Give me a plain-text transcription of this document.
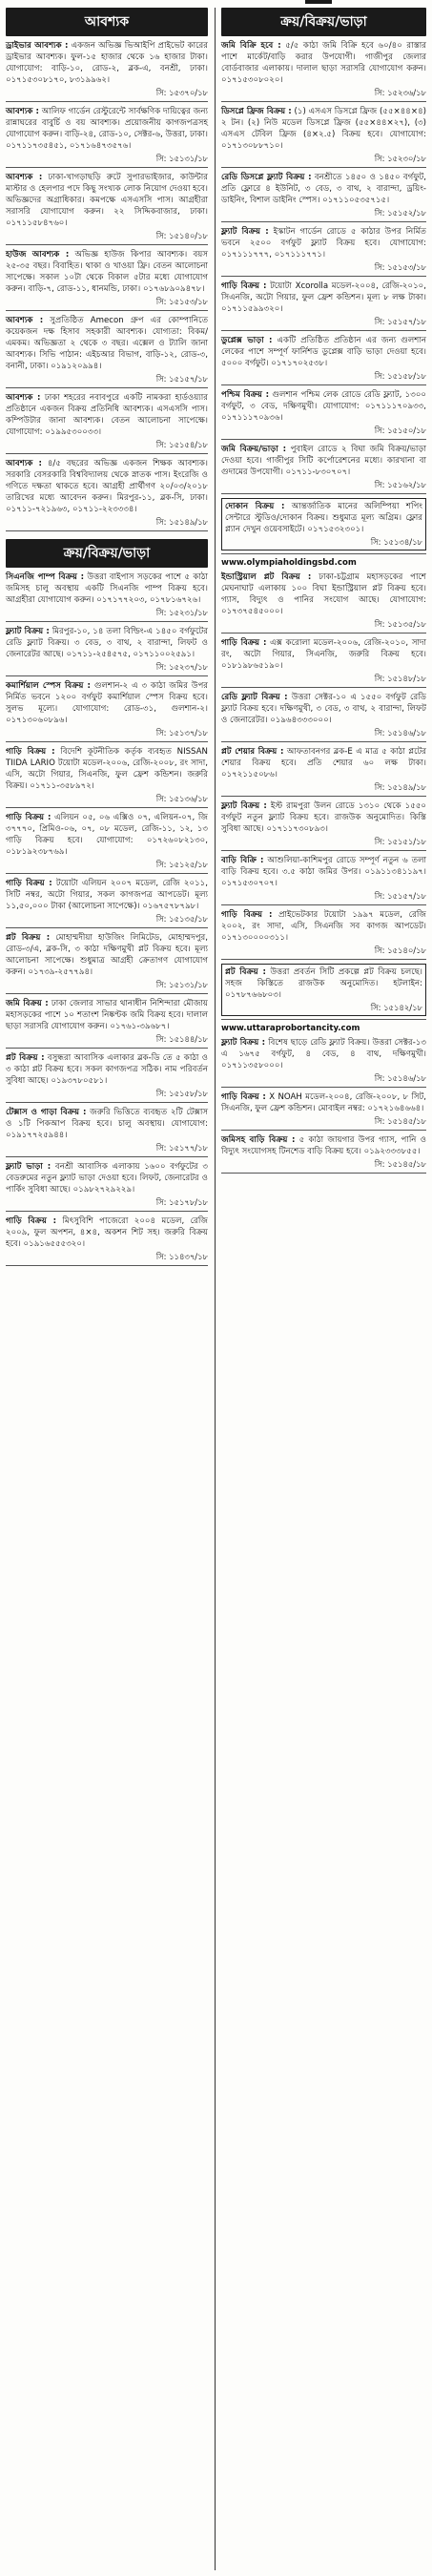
আবশ্যক
ড্রাইভার আবশ্যক : একজন অভিজ্ঞ ভিআইপি প্রাইভেট কারের ড্রাইভার আবশ্যক। ফুল-১৫ হাজার থেকে ১৬ হাজার টাকা। যোগাযোগ: বাড়ি-১০, রোড-২, ব্লক-এ, বনশ্রী, ঢাকা। ০১৭১৫৩০৮১৭০, ৮৩১৯৯৬২।
সি: ১৫৩৭০/১৮
আবশ্যক : আলিফ গার্ডেন রেস্টুরেন্টে সার্বক্ষণিক দায়িত্বের জন্য রান্নাঘরের বাবুর্চি ও বয় আবশ্যক। প্রয়োজনীয় কাগজপত্রসহ যোগাযোগ করুন। বাড়ি-২৪, রোড-১০, সেক্টর-৬, উত্তরা, ঢাকা। ০১৭১১৭৩৫৪৫১, ০১৭১৬৪৭৩৫৭৬।
সি: ১৫১৩১/১৮
আবশ্যক : ঢাকা-খাগড়াছড়ি রুটে সুপারভাইজার, কাউন্টার মাস্টার ও হেলপার পদে কিছু সংখ্যক লোক নিয়োগ দেওয়া হবে। অভিজ্ঞদের অগ্রাধিকার। কমপক্ষে এসএসসি পাস। আগ্রহীরা সরাসরি যোগাযোগ করুন। ২২ সিদ্দিকবাজার, ঢাকা। ০১৭১১৫৮৪৭৬০।
সি: ১৫১৪০/১৮
হাউজ আবশ্যক : অভিজ্ঞ হাউজ কিপার আবশ্যক। বয়স ২৫-৩৫ বছর। বিবাহিত। থাকা ও খাওয়া ফ্রি। বেতন আলোচনা সাপেক্ষে। সকাল ১০টা থেকে বিকাল ৫টার মধ্যে যোগাযোগ করুন। বাড়ি-৭, রোড-১১, ধানমন্ডি, ঢাকা। ০১৭৬৮৯০৯৪৭৮।
সি: ১৫১৫৩/১৮
আবশ্যক : সুপ্রতিষ্ঠিত Amecon গ্রুপ এর কোম্পানিতে কয়েকজন দক্ষ হিসাব সহকারী আবশ্যক। যোগ্যতা: বিকম/এমকম। অভিজ্ঞতা ২ থেকে ৩ বছর। এক্সেল ও ট্যালি জানা আবশ্যক। সিভি পাঠান: এইচআর বিভাগ, বাড়ি-১২, রোড-৩, বনানী, ঢাকা। ০১৯১২০৯৯৪।
সি: ১৫১৫৭/১৮
আবশ্যক : ঢাকা শহরের নবাবপুরে একটি নামকরা হার্ডওয়্যার প্রতিষ্ঠানে একজন বিক্রয় প্রতিনিধি আবশ্যক। এসএসসি পাস। কম্পিউটার জানা আবশ্যক। বেতন আলোচনা সাপেক্ষে। যোগাযোগ: ০১৯৯৫৩০০৩৩।
সি: ১৫১৫৪/১৮
আবশ্যক : ৪/৫ বছরের অভিজ্ঞ একজন শিক্ষক আবশ্যক। সরকারি বেসরকারি বিশ্ববিদ্যালয় থেকে স্নাতক পাস। ইংরেজি ও গণিতে দক্ষতা থাকতে হবে। আগ্রহী প্রার্থীগণ ২০/০৩/২০১৮ তারিখের মধ্যে আবেদন করুন। মিরপুর-১১, ব্লক-সি, ঢাকা। ০১৭১১-৭২১৯৬৩, ০১৭১১-২২৩৩৩৪।
সি: ১৫১৪৯/১৮
ক্রয়/বিক্রয়/ভাড়া
সিএনজি পাম্প বিক্রয় : উত্তরা বাইপাস সড়কের পাশে ৫ কাঠা জমিসহ চালু অবস্থায় একটি সিএনজি পাম্প বিক্রয় হবে। আগ্রহীরা যোগাযোগ করুন। ০১৭১৭৭২০৩, ০১৭৮১৬৭২৬।
সি: ১৫২৩১/১৮
ফ্ল্যাট বিক্রয় : মিরপুর-১০, ১৪ তলা বিল্ডিং-এ ১৪৫০ বর্গফুটের রেডি ফ্ল্যাট বিক্রয়। ৩ বেড, ৩ বাথ, ২ বারান্দা, লিফট ও জেনারেটর আছে। ০১৭১১-২৫৪৫৭৫, ০১৭১১০০২৫৯১।
সি: ১৫২৩৭/১৮
কমার্শিয়াল স্পেস বিক্রয় : গুলশান-২ এ ৩ কাঠা জমির উপর নির্মিত ভবনে ১২০০ বর্গফুট কমার্শিয়াল স্পেস বিক্রয় হবে। সুলভ মূল্যে। যোগাযোগ: রোড-৩১, গুলশান-২। ০১৭১৩০৬০৮৯৬।
সি: ১৫১৩৭/১৮
গাড়ি বিক্রয় : বিদেশি কূটনীতিক কর্তৃক ব্যবহৃত NISSAN TIIDA LARIO টয়োটা মডেল-২০০৬, রেজি-২০০৮, রং সাদা, এসি, অটো গিয়ার, সিএনজি, ফুল ফ্রেশ কন্ডিশন। জরুরি বিক্রয়। ০১৭১১-৩৫৮৯৭২।
সি: ১৫১৩৬/১৮
গাড়ি বিক্রয় : এলিয়ন ০৫, ০৬ এক্সিও ০৭, এলিয়ন-০৭, জি ৩৭৭৭০, প্রিমিও-০৬, ০৭, ০৮ মডেল, রেজি-১১, ১২, ১৩ গাড়ি বিক্রয় হবে। যোগাযোগ: ০১৭২৬০৮২১৩০, ০১৮১৯২৩৮৭৬৯।
সি: ১৫১২৫/১৮
গাড়ি বিক্রয় : টয়োটা এলিয়ন ২০০৭ মডেল, রেজি ২০১১, সিটি নম্বর, অটো গিয়ার, সকল কাগজপত্র আপডেট। মূল্য ১১,৫০,০০০ টাকা (আলোচনা সাপেক্ষে)। ০১৬৭৫৭৮৭৯৮।
সি: ১৫১৩৫/১৮
প্লট বিক্রয় : মোহাম্মদীয়া হাউজিং লিমিটেড, মোহাম্মদপুর, রোড-৩/এ, ব্লক-সি, ৩ কাঠা দক্ষিণমুখী প্লট বিক্রয় হবে। মূল্য আলোচনা সাপেক্ষে। শুধুমাত্র আগ্রহী ক্রেতাগণ যোগাযোগ করুন। ০১৭৩৯-২৫৭৭৯৪।
সি: ১৫১৩১/১৮
জমি বিক্রয় : ঢাকা জেলার সাভার থানাধীন নিশিন্দারা মৌজায় মহাসড়কের পাশে ১০ শতাংশ নিষ্কণ্টক জমি বিক্রয় হবে। দালাল ছাড়া সরাসরি যোগাযোগ করুন। ০১৭৬১-৩৯৬৮৭।
সি: ১৫১৪৪/১৮
প্লট বিক্রয় : বসুন্ধরা আবাসিক এলাকার ব্লক-ডি তে ৫ কাঠা ও ৩ কাঠা প্লট বিক্রয় হবে। সকল কাগজপত্র সঠিক। নাম পরিবর্তন সুবিধা আছে। ০১৯৩৭৮০৫৮১।
সি: ১৫১৫৮/১৮
টেক্সাস ও গাড়া বিক্রয় : জরুরি ভিত্তিতে ব্যবহৃত ২টি টেক্সাস ও ১টি পিকআপ বিক্রয় হবে। চালু অবস্থায়। যোগাযোগ: ০১৯১৭৭২৫৯৪৪।
সি: ১৫১৭৭/১৮
ফ্ল্যাট ভাড়া : বনশ্রী আবাসিক এলাকায় ১৬০০ বর্গফুটের ৩ বেডরুমের নতুন ফ্ল্যাট ভাড়া দেওয়া হবে। লিফট, জেনারেটর ও পার্কিং সুবিধা আছে। ০১৯৮২৭২৯২২৯।
সি: ১৫১৭৮/১৮
গাড়ি বিক্রয় : মিৎসুবিশি পাজেরো ২০০৪ মডেল, রেজি ২০০৯, ফুল অপশন, ৪×৪, অকশন শিট সহ। জরুরি বিক্রয় হবে। ০১৯১৬৫৫৫৩২০।
সি: ১১৪৩৭/১৮
ক্রয়/বিক্রয়/ভাড়া
জমি বিক্রি হবে : ৫/৫ কাঠা জমি বিক্রি হবে ৬০/৪০ রাস্তার পাশে মার্কেট/বাড়ি করার উপযোগী। গাজীপুর জেলার বোর্ডবাজার এলাকায়। দালাল ছাড়া সরাসরি যোগাযোগ করুন। ০১৭১৫৩০৮০২০।
সি: ১৫২৩৬/১৮
ডিসপ্লে ফ্রিজ বিক্রয় : (১) এসএস ডিসপ্লে ফ্রিজ (৫৫×৪৪×৪) ২ টন। (২) নিউ মডেল ডিসপ্লে ফ্রিজ (৫৫×৪৪×২৭), (৩) এসএস টেবিল ফ্রিজ (৪×২.৫) বিক্রয় হবে। যোগাযোগ: ০১৭১৩০৮৮৭১০।
সি: ১৫২৩০/১৮
রেডি ডিসপ্লে ফ্ল্যাট বিক্রয় : বনশ্রীতে ১৪৫০ ও ১৪৫০ বর্গফুট, প্রতি ফ্লোরে ৪ ইউনিট, ৩ বেড, ৩ বাথ, ২ বারান্দা, ড্রয়িং-ডাইনিং, বিশাল ডাইনিং স্পেস। ০১৭১১০৫৩৫৭১৫।
সি: ১৫১৫২/১৮
ফ্ল্যাট বিক্রয় : ইস্কাটন গার্ডেন রোডে ৫ কাঠার উপর নির্মিত ভবনে ২৫০০ বর্গফুট ফ্ল্যাট বিক্রয় হবে। যোগাযোগ: ০১৭১১১৭৭৭, ০১৭১১১৭৭১।
সি: ১৫১৫৩/১৮
গাড়ি বিক্রয় : টয়োটা Xcorolla মডেল-২০০৪, রেজি-২০১০, সিএনজি, অটো গিয়ার, ফুল ফ্রেশ কন্ডিশন। মূল্য ৮ লক্ষ টাকা। ০১৭১১৫৯৯৩২০।
সি: ১৫১৫৭/১৮
ডুপ্লেক্স ভাড়া : একটি প্রতিষ্ঠিত প্রতিষ্ঠান এর জন্য গুলশান লেকের পাশে সম্পূর্ণ ফার্নিশড ডুপ্লেক্স বাড়ি ভাড়া দেওয়া হবে। ৫০০০ বর্গফুট। ০১৭১৭০২৫৩৮।
সি: ১৫১৫৮/১৮
পশ্চিম বিক্রয় : গুলশান পশ্চিম লেক রোডে রেডি ফ্ল্যাট, ১৩০০ বর্গফুট, ৩ বেড, দক্ষিণমুখী। যোগাযোগ: ০১৭১১১৭০৯৩৩, ০১৭১১১৭০৯৩৬।
সি: ১৫১৫০/১৮
জমি বিক্রয়/ভাড়া : পুবাইল রোডে ২ বিঘা জমি বিক্রয়/ভাড়া দেওয়া হবে। গাজীপুর সিটি কর্পোরেশনের মধ্যে। কারখানা বা গুদামের উপযোগী। ০১৭১১-৮৩০৭০৭।
সি: ১৫১৬২/১৮
দোকান বিক্রয় : আন্তর্জাতিক মানের অলিম্পিয়া শপিং সেন্টারে স্টুডিও/দোকান বিক্রয়। শুধুমাত্র মূল্য অগ্রিম। ফ্লোর প্ল্যান দেখুন ওয়েবসাইটে। ০১৭১৫৩২৩০১।
সি: ১৫১৩৪/১৮
www.olympiaholdingsbd.com
ইন্ডাস্ট্রিয়াল প্লট বিক্রয় : ঢাকা-চট্টগ্রাম মহাসড়কের পাশে মেঘনাঘাট এলাকায় ১০০ বিঘা ইন্ডাস্ট্রিয়াল প্লট বিক্রয় হবে। গ্যাস, বিদ্যুৎ ও পানির সংযোগ আছে। যোগাযোগ: ০১৭৩৭৫৪৫০০০।
সি: ১৫১৩৫/১৮
গাড়ি বিক্রয় : এক্স করোলা মডেল-২০০৬, রেজি-২০১০, সাদা রং, অটো গিয়ার, সিএনজি, জরুরি বিক্রয় হবে। ০১৮১৯৮৬৫১৯০।
সি: ১৫১৪৮/১৮
রেডি ফ্ল্যাট বিক্রয় : উত্তরা সেক্টর-১০ এ ১৫৫০ বর্গফুট রেডি ফ্ল্যাট বিক্রয় হবে। দক্ষিণমুখী, ৩ বেড, ৩ বাথ, ২ বারান্দা, লিফট ও জেনারেটর। ০১৯৬৪৩৩৩০০০।
সি: ১৫১৪৬/১৮
প্লট শেয়ার বিক্রয় : আফতাবনগর ব্লক-E এ মাত্র ৫ কাঠা প্লটের শেয়ার বিক্রয় হবে। প্রতি শেয়ার ৬০ লক্ষ টাকা। ০১৭২১১৫০৮৬।
সি: ১৫১৪৯/১৮
ফ্ল্যাট বিক্রয় : ইস্ট রামপুরা উলন রোডে ১৩১০ থেকে ১৫৫০ বর্গফুট নতুন ফ্ল্যাট বিক্রয় হবে। রাজউক অনুমোদিত। কিস্তি সুবিধা আছে। ০১৭১১৭৩০৮৯৩।
সি: ১৫১৫১/১৮
বাড়ি বিক্রি : আশুলিয়া-কাশিমপুর রোডে সম্পূর্ণ নতুন ৬ তলা বাড়ি বিক্রয় হবে। ৩.৫ কাঠা জমির উপর। ০১৯১১৩৪১১৯৭। ০১৭১৫৩০৭০৭।
সি: ১৫১৫৭/১৮
গাড়ি বিক্রয় : প্রাইভেটকার টয়োটা ১৯৯৭ মডেল, রেজি ২০০২, রং সাদা, এসি, সিএনজি সব কাগজ আপডেট। ০১৭১৩০০০০৩১১।
সি: ১৫১৪০/১৮
প্লট বিক্রয় : উত্তরা প্রবর্তন সিটি প্রকল্পে প্লট বিক্রয় চলছে। সহজ কিস্তিতে রাজউক অনুমোদিত। হটলাইন: ০১৭৮৭৬৬৮০৩।
সি: ১৫১৪২/১৮
www.uttaraprobortancity.com
ফ্ল্যাট বিক্রয় : বিশেষ ছাড়ে রেডি ফ্ল্যাট বিক্রয়। উত্তরা সেক্টর-১৩ এ ১৬৭৫ বর্গফুট, ৪ বেড, ৪ বাথ, দক্ষিণমুখী। ০১৭১১৩৫৮০০০।
সি: ১৫১৪৬/১৮
গাড়ি বিক্রয় : X NOAH মডেল-২০০৪, রেজি-২০০৮, ৮ সিট, সিএনজি, ফুল ফ্রেশ কন্ডিশন। মোবাইল নম্বর: ০১৭২১৬৪৬৬৪।
সি: ১৫১৪৫/১৮
জমিসহ বাড়ি বিক্রয় : ৫ কাঠা জায়গার উপর গ্যাস, পানি ও বিদ্যুৎ সংযোগসহ টিনশেড বাড়ি বিক্রয় হবে। ০১৯২৩৩৩৮৫৫।
সি: ১৫১৪৫/১৮
